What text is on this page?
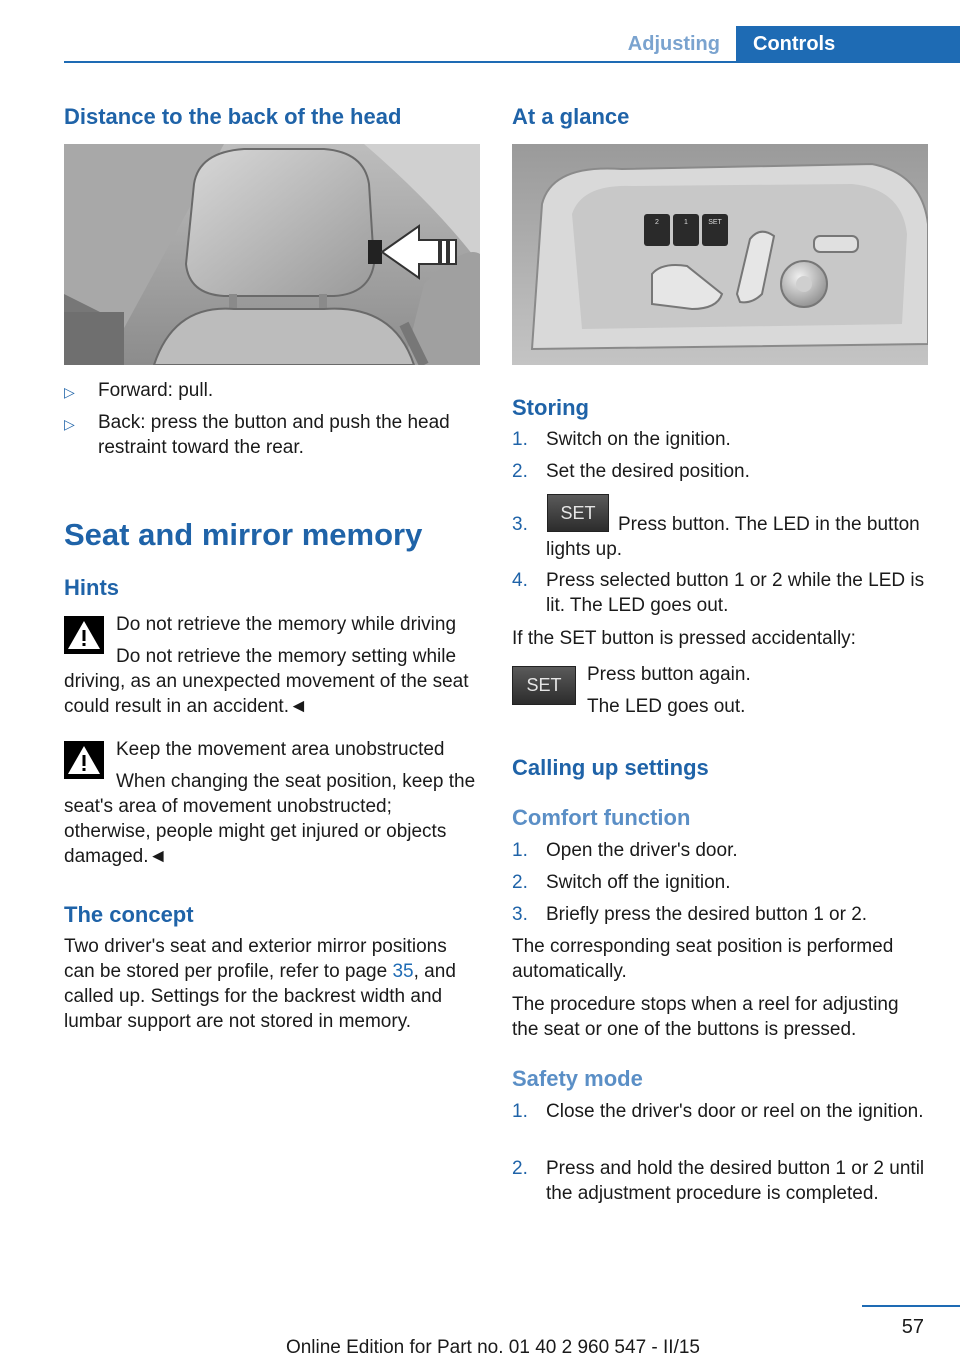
Adjusting	Controls
Distance to the back of the head
▷ Forward: pull.
▷ Back: press the button and push the head restraint toward the rear.
Seat and mirror memory
Hints

Do not retrieve the memory while driving

Do not retrieve the memory setting while driving, as an unexpected movement of the seat could result in an accident.◄

Keep the movement area unobstructed

When changing the seat position, keep the seat's area of movement unobstructed; otherwise, people might get injured or objects damaged.◄

The concept

Two driver's seat and exterior mirror positions can be stored per profile, refer to page 35, and called up. Settings for the backrest width and lumbar support are not stored in memory.

At a glance
2	1	SET
Storing
1. Switch on the ignition.
2. Set the desired position.
3.	Press button. The LED in the button lights up.
SET
4. Press selected button 1 or 2 while the LED is lit. The LED goes out.

If the SET button is pressed accidentally:

SET	Press button again.

The LED goes out.

Calling up settings
Comfort function
1. Open the driver's door.
2. Switch off the ignition.
3. Briefly press the desired button 1 or 2.

The corresponding seat position is performed automatically.

The procedure stops when a reel for adjusting the seat or one of the buttons is pressed.

Safety mode
1. Close the driver's door or reel on the ignition.
2. Press and hold the desired button 1 or 2 until the adjustment procedure is completed.
57
Online Edition for Part no. 01 40 2 960 547 - II/15
